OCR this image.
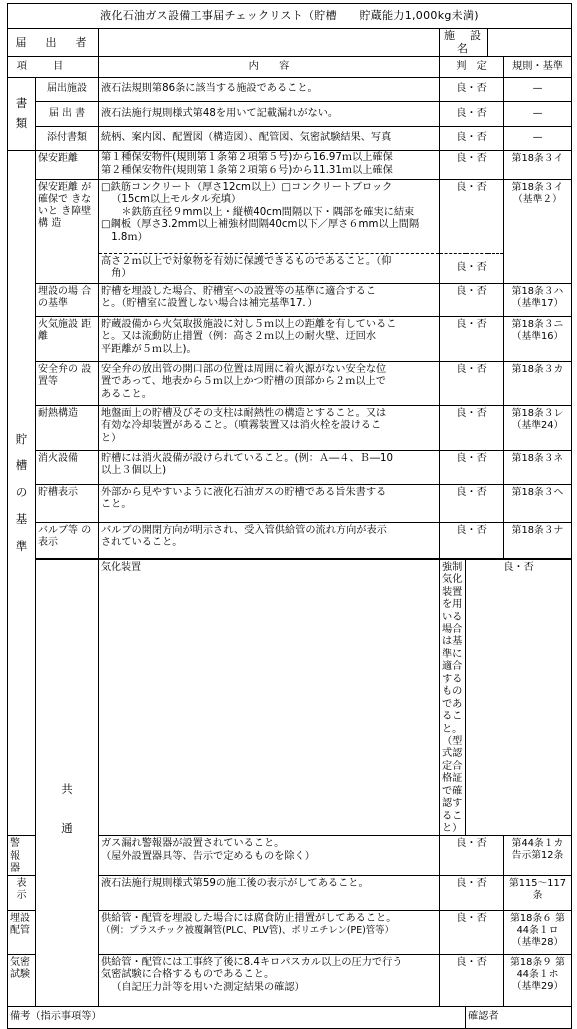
液化石油ガス設備工事届チェックリスト（貯槽　　貯蔵能力1,000kg未満)							
届　出　者			施　設　名				
項目		内　　容	判　定			規則・基準	

書
類	届出施設	液石法規則第86条に該当する施設であること。	良・否			—	
	届 出 書	液石法施行規則様式第48を用いて記載漏れがない。	良・否			—	
	添付書類	続柄、案内図、配置図（構造図）、配管図、気密試験結果、写真	良・否			—	

貯
槽
の
基
準	保安距離	第１種保安物件(規則第１条第２項第５号)から16.97ｍ以上確保
第２種保安物件(規則第１条第２項第６号)から11.31ｍ以上確保	良・否			第18条３イ	
	保安距離 が確保で きないと き障壁構 造	□鉄筋コンクリート（厚さ12cm以上）□コンクリートブロック
（15cm以上モルタル充填）
＊鉄筋直径９mm以上・縦横40cm間隔以下・隅部を確実に結束
□鋼板（厚さ3.2mm以上補強材間隔40cm以下／厚さ６mm以上間隔
1.8ｍ）	良・否			第18条３イ （基準２）	

		高さ２ｍ以上で対象物を有効に保護できるものであること。（仰
角）	良・否				
	埋設の場 合の基準	貯槽を埋設した場合、貯槽室への設置等の基準に適合するこ
と。（貯槽室に設置しない場合は補完基準17．）	良・否			第18条３ハ （基準17）	
	火気施設 距離	貯蔵設備から火気取扱施設に対し５ｍ以上の距離を有しているこ
と。又は流動防止措置（例：高さ２ｍ以上の耐火壁、迂回水
平距離が５ｍ以上)。	良・否			第18条３ニ （基準16）	
	安全弁の 設置等	安全弁の放出管の開口部の位置は周囲に着火源がない安全な位
置であって、地表から５ｍ以上かつ貯槽の頂部から２ｍ以上で
あること。	良・否			第18条３カ	
	耐熱構造	地盤面上の貯槽及びその支柱は耐熱性の構造とすること。又は
有効な冷却装置があること。（噴霧装置又は消火栓を設けるこ
と）	良・否			第18条３レ （基準24）	
	消火設備	貯槽には消火設備が設けられていること。(例：Ａ―４、Ｂ―10
以上３個以上)	良・否			第18条３ネ	
	貯槽表示	外部から見やすいように液化石油ガスの貯槽である旨朱書する
こと。	良・否			第18条３ヘ	
	バルブ等 の表示	バルブの開閉方向が明示され、受入管供給管の流れ方向が表示
されていること。	良・否			第18条３ナ	

	共
通	気化装置	強制気化装置を用いる場合は基準に適合するものであること。
（型式認定合格証で確認すること）	良・否	
警 報 器		ガス漏れ警報器が設置されていること。
（屋外設置器具等、告示で定めるものを除く）	良・否			第44条１カ 告示第12条	
表　　示		液石法施行規則様式第59の施工後の表示がしてあること。	良・否			第115～117 条	
埋設配管		供給管・配管を埋設した場合には腐食防止措置がしてあること。
（例：プラスチック被覆鋼管(PLC、PLV管)、ポリエチレン(PE)管等）	良・否			第18条６ 第44条１ロ （基準28）	
気密試験		供給管・配管には工事終了後に8.4キロパスカル以上の圧力で行う
気密試験に合格するものであること。
（自記圧力計等を用いた測定結果の確認）	良・否			第18条９ 第44条１ホ （基準29）	
備考（指示事項等）				確認者			
